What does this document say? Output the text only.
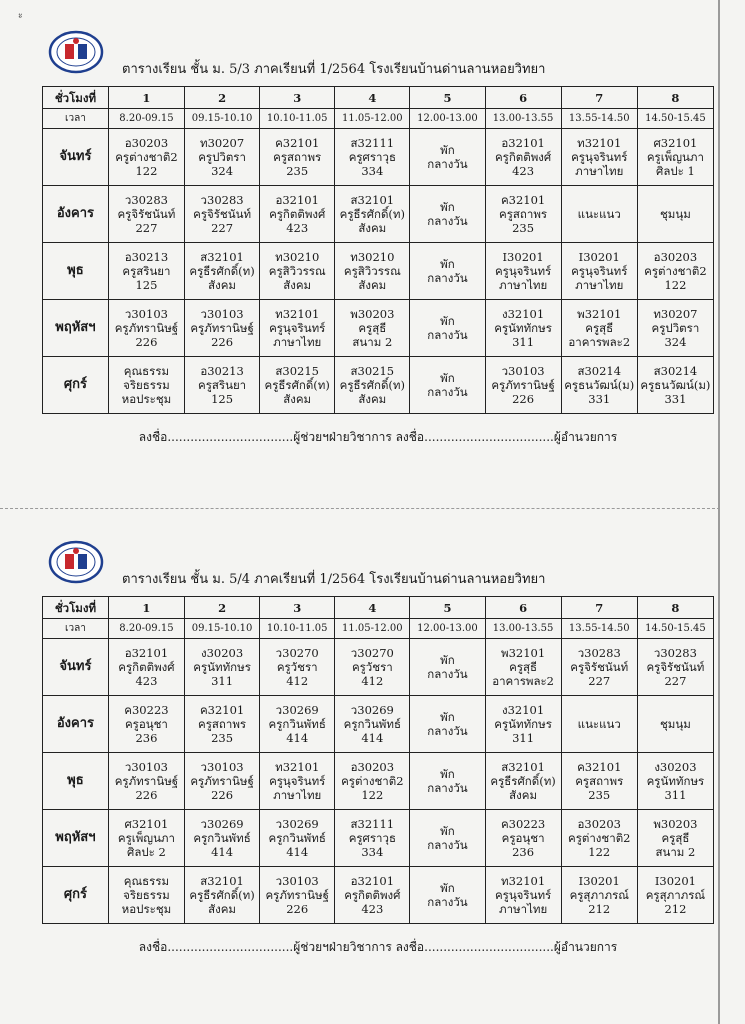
ะ
ตารางเรียน ชั้น ม. 5/3 ภาคเรียนที่ 1/2564 โรงเรียนบ้านด่านลานหอยวิทยา
ชั่วโมงที่	1	2	3	4	5	6	7	8
เวลา	8.20-09.15	09.15-10.10	10.10-11.05	11.05-12.00	12.00-13.00	13.00-13.55	13.55-14.50	14.50-15.45
จันทร์	อ30203
ครูต่างชาติ2
122	ท30207
ครูปวิตรา
324	ค32101
ครูสถาพร
235	ส32111
ครูศราวุธ
334	พัก
กลางวัน	อ32101
ครูกิตติพงศ์
423	ท32101
ครูนุจรินทร์
ภาษาไทย	ศ32101
ครูเพ็ญนภา
ศิลปะ 1

อังคาร	ว30283
ครูจิรัชนันท์
227	ว30283
ครูจิรัชนันท์
227	อ32101
ครูกิตติพงศ์
423	ส32101
ครูธีรศักดิ์(ท)
สังคม	พัก
กลางวัน	ค32101
ครูสถาพร
235	แนะแนว	ชุมนุม

พุธ	อ30213
ครูสรินยา
125	ส32101
ครูธีรศักดิ์(ท)
สังคม	ท30210
ครูสิวิวรรณ
สังคม	ท30210
ครูสิวิวรรณ
สังคม	พัก
กลางวัน	I30201
ครูนุจรินทร์
ภาษาไทย	I30201
ครูนุจรินทร์
ภาษาไทย	อ30203
ครูต่างชาติ2
122

พฤหัสฯ	ว30103
ครูภัทรานิษฐ์
226	ว30103
ครูภัทรานิษฐ์
226	ท32101
ครูนุจรินทร์
ภาษาไทย	พ30203
ครูสุธี
สนาม 2	พัก
กลางวัน	ง32101
ครูนัททักษร
311	พ32101
ครูสุธี
อาคารพละ2	ท30207
ครูปวิตรา
324

ศุกร์	คุณธรรม
จริยธรรม
หอประชุม	อ30213
ครูสรินยา
125	ส30215
ครูธีรศักดิ์(ท)
สังคม	ส30215
ครูธีรศักดิ์(ท)
สังคม	พัก
กลางวัน	ว30103
ครูภัทรานิษฐ์
226	ส30214
ครูธนวัฒน์(ม)
331	ส30214
ครูธนวัฒน์(ม)
331
ลงชื่อ.................................ผู้ช่วยฯฝ่ายวิชาการ ลงชื่อ..................................ผู้อำนวยการ
ตารางเรียน ชั้น ม. 5/4 ภาคเรียนที่ 1/2564 โรงเรียนบ้านด่านลานหอยวิทยา
ชั่วโมงที่	1	2	3	4	5	6	7	8
เวลา	8.20-09.15	09.15-10.10	10.10-11.05	11.05-12.00	12.00-13.00	13.00-13.55	13.55-14.50	14.50-15.45
จันทร์	อ32101
ครูกิตติพงศ์
423	ง30203
ครูนัททักษร
311	ว30270
ครูวัชรา
412	ว30270
ครูวัชรา
412	พัก
กลางวัน	พ32101
ครูสุธี
อาคารพละ2	ว30283
ครูจิรัชนันท์
227	ว30283
ครูจิรัชนันท์
227

อังคาร	ค30223
ครูอนุชา
236	ค32101
ครูสถาพร
235	ว30269
ครูกวินพัทธ์
414	ว30269
ครูกวินพัทธ์
414	พัก
กลางวัน	ง32101
ครูนัททักษร
311	แนะแนว	ชุมนุม

พุธ	ว30103
ครูภัทรานิษฐ์
226	ว30103
ครูภัทรานิษฐ์
226	ท32101
ครูนุจรินทร์
ภาษาไทย	อ30203
ครูต่างชาติ2
122	พัก
กลางวัน	ส32101
ครูธีรศักดิ์(ท)
สังคม	ค32101
ครูสถาพร
235	ง30203
ครูนัททักษร
311

พฤหัสฯ	ศ32101
ครูเพ็ญนภา
ศิลปะ 2	ว30269
ครูกวินพัทธ์
414	ว30269
ครูกวินพัทธ์
414	ส32111
ครูศราวุธ
334	พัก
กลางวัน	ค30223
ครูอนุชา
236	อ30203
ครูต่างชาติ2
122	พ30203
ครูสุธี
สนาม 2

ศุกร์	คุณธรรม
จริยธรรม
หอประชุม	ส32101
ครูธีรศักดิ์(ท)
สังคม	ว30103
ครูภัทรานิษฐ์
226	อ32101
ครูกิตติพงศ์
423	พัก
กลางวัน	ท32101
ครูนุจรินทร์
ภาษาไทย	I30201
ครูสุภาภรณ์
212	I30201
ครูสุภาภรณ์
212
ลงชื่อ.................................ผู้ช่วยฯฝ่ายวิชาการ ลงชื่อ..................................ผู้อำนวยการ
